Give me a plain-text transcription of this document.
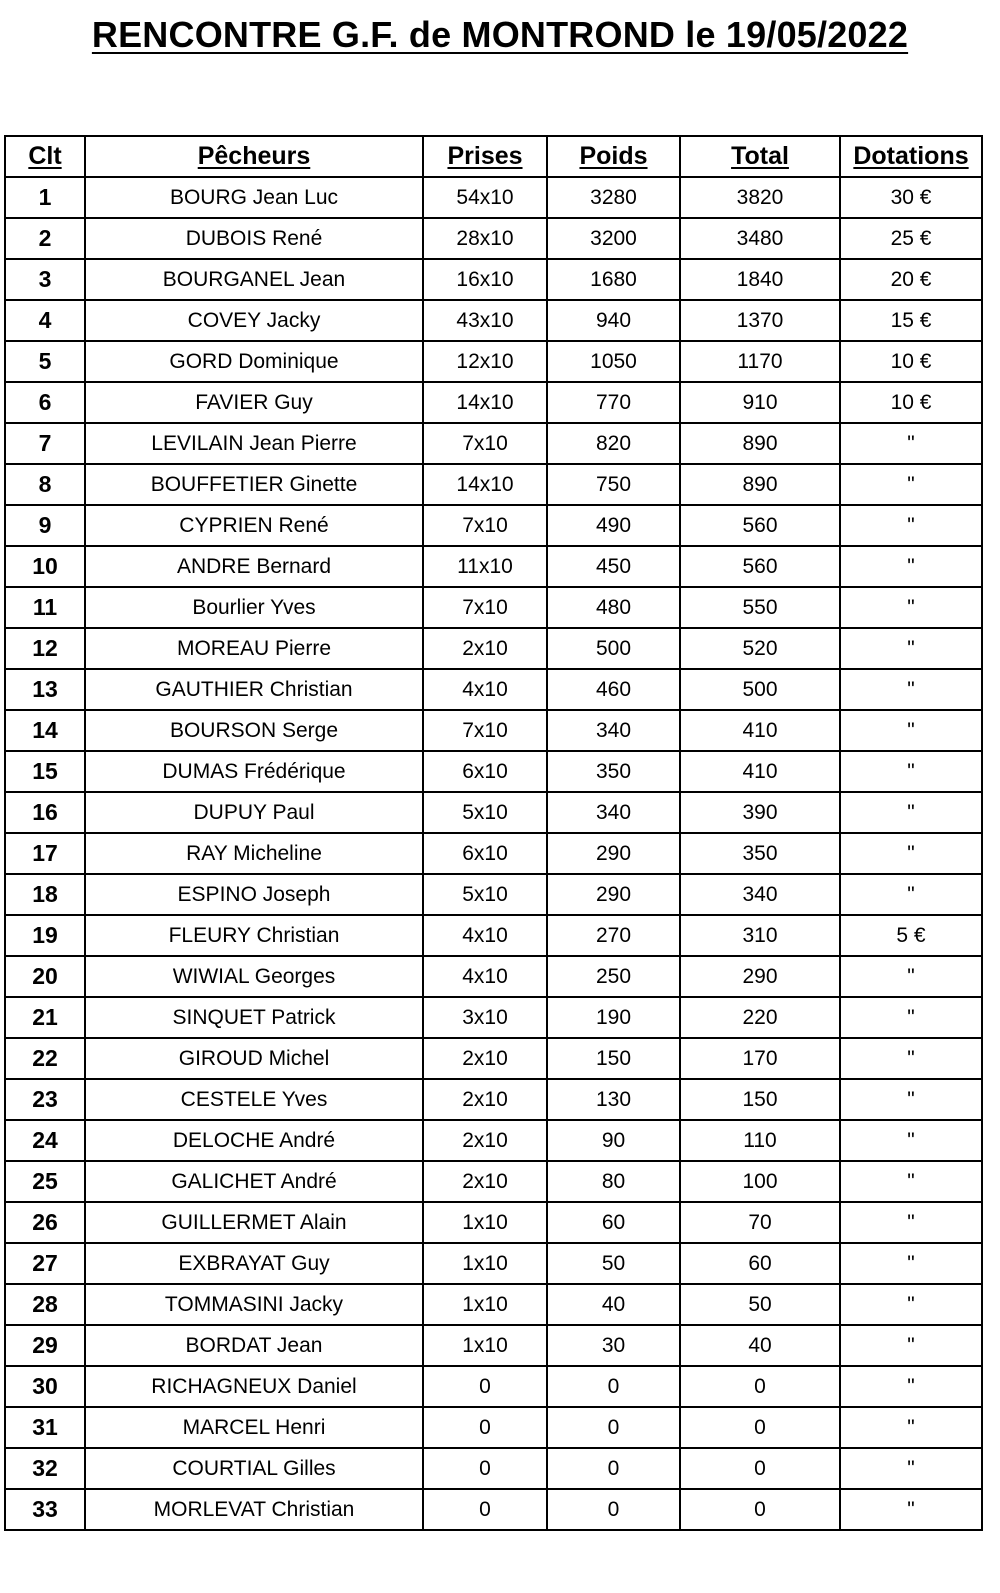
RENCONTRE G.F. de MONTROND le 19/05/2022
Clt	Pêcheurs	Prises	Poids	Total	Dotations
1	BOURG Jean Luc	54x10	3280	3820	30 €
2	DUBOIS René	28x10	3200	3480	25 €
3	BOURGANEL Jean	16x10	1680	1840	20 €
4	COVEY Jacky	43x10	940	1370	15 €
5	GORD Dominique	12x10	1050	1170	10 €
6	FAVIER Guy	14x10	770	910	10 €
7	LEVILAIN Jean Pierre	7x10	820	890	"
8	BOUFFETIER Ginette	14x10	750	890	"
9	CYPRIEN René	7x10	490	560	"
10	ANDRE Bernard	11x10	450	560	"
11	Bourlier Yves	7x10	480	550	"
12	MOREAU Pierre	2x10	500	520	"
13	GAUTHIER Christian	4x10	460	500	"
14	BOURSON Serge	7x10	340	410	"
15	DUMAS Frédérique	6x10	350	410	"
16	DUPUY Paul	5x10	340	390	"
17	RAY Micheline	6x10	290	350	"
18	ESPINO Joseph	5x10	290	340	"
19	FLEURY Christian	4x10	270	310	5 €
20	WIWIAL Georges	4x10	250	290	"
21	SINQUET Patrick	3x10	190	220	"
22	GIROUD Michel	2x10	150	170	"
23	CESTELE Yves	2x10	130	150	"
24	DELOCHE André	2x10	90	110	"
25	GALICHET André	2x10	80	100	"
26	GUILLERMET Alain	1x10	60	70	"
27	EXBRAYAT Guy	1x10	50	60	"
28	TOMMASINI Jacky	1x10	40	50	"
29	BORDAT Jean	1x10	30	40	"
30	RICHAGNEUX Daniel	0	0	0	"
31	MARCEL Henri	0	0	0	"
32	COURTIAL Gilles	0	0	0	"
33	MORLEVAT Christian	0	0	0	"
